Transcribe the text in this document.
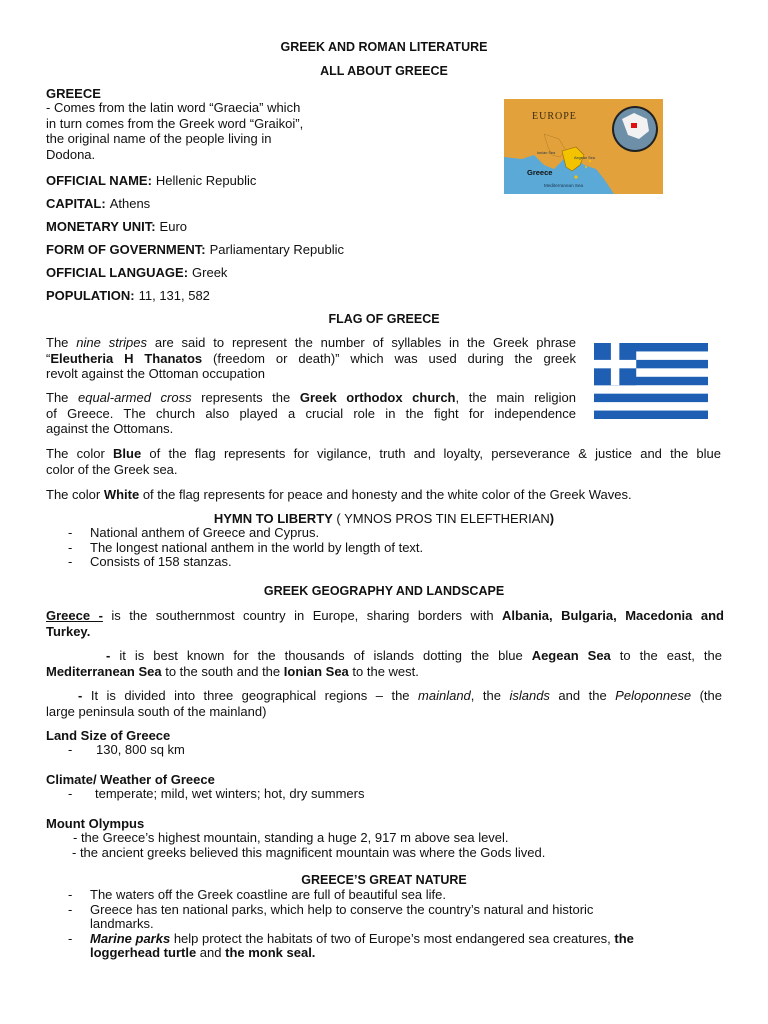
GREEK AND ROMAN LITERATURE
ALL ABOUT GREECE
GREECE
- Comes from the latin word “Graecia” which
in turn comes from the Greek word “Graikoi”,
the original name of the people living in
Dodona.
EUROPE
Greece
Mediterranean Sea
Ionian Sea
Aegean Sea
OFFICIAL NAME: Hellenic Republic
CAPITAL: Athens
MONETARY UNIT: Euro
FORM OF GOVERNMENT: Parliamentary Republic
OFFICIAL LANGUAGE: Greek
POPULATION: 11, 131, 582
FLAG OF GREECE
The nine stripes are said to represent the number of syllables in the Greek phrase
“Eleutheria H Thanatos (freedom or death)” which was used during the greek
revolt against the Ottoman occupation
The equal-armed cross represents the Greek orthodox church, the main religion
of Greece. The church also played a crucial role in the fight for independence
against the Ottomans.
The color Blue of the flag represents for vigilance, truth and loyalty, perseverance & justice and the blue
color of the Greek sea.
The color White of the flag represents for peace and honesty and the white color of the Greek Waves.
HYMN TO LIBERTY ( YMNOS PROS TIN ELEFTHERIAN)
- National anthem of Greece and Cyprus.
- The longest national anthem in the world by length of text.
- Consists of 158 stanzas.
GREEK GEOGRAPHY AND LANDSCAPE
Greece - is the southernmost country in Europe, sharing borders with Albania, Bulgaria, Macedonia and
Turkey.
- it is best known for the thousands of islands dotting the blue Aegean Sea to the east, the
Mediterranean Sea to the south and the Ionian Sea to the west.
- It is divided into three geographical regions – the mainland, the islands and the Peloponnese (the
large peninsula south of the mainland)
Land Size of Greece
- 130, 800 sq km
Climate/ Weather of Greece
- temperate; mild, wet winters; hot, dry summers
Mount Olympus
- the Greece’s highest mountain, standing a huge 2, 917 m above sea level.
- the ancient greeks believed this magnificent mountain was where the Gods lived.
GREECE’S GREAT NATURE
- The waters off the Greek coastline are full of beautiful sea life.
- Greece has ten national parks, which help to conserve the country’s natural and historic
landmarks.
- Marine parks help protect the habitats of two of Europe’s most endangered sea creatures, the
loggerhead turtle and the monk seal.
